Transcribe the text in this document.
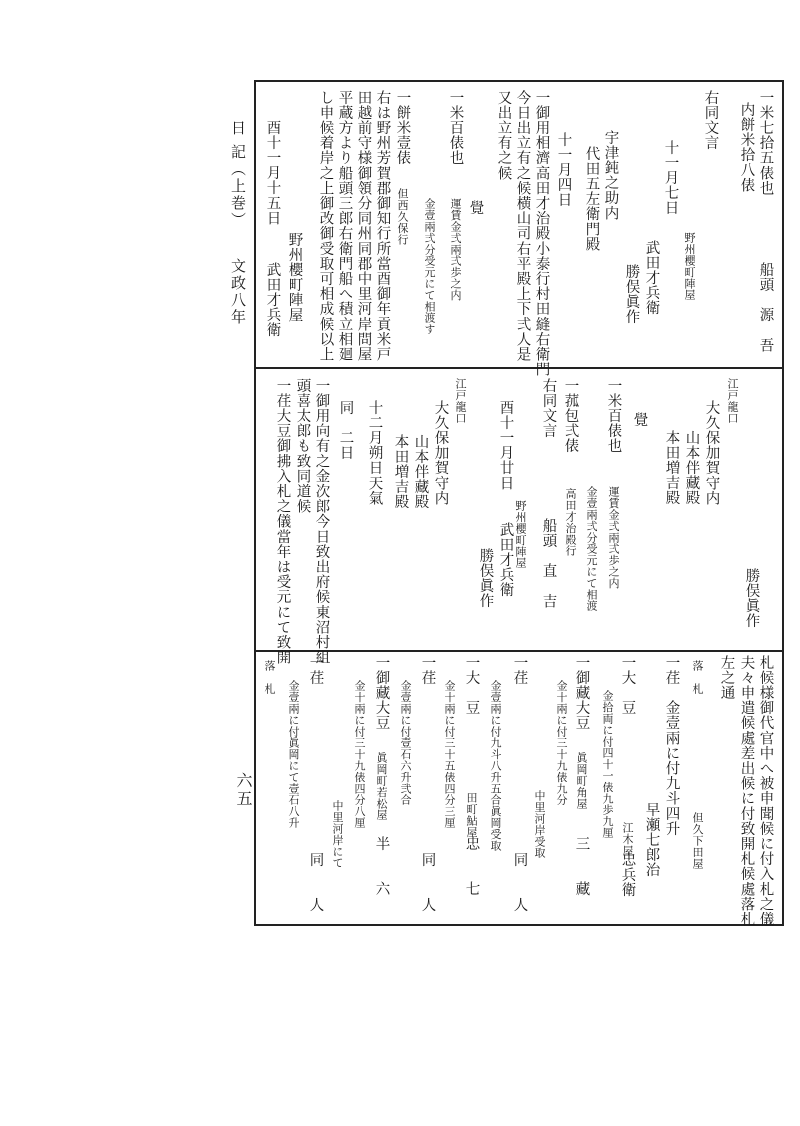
日 記（上巻）
文政八年
一米七拾五俵也
内餅米拾八俵
右同文言
十一月七日
武田才兵衛
勝俣眞作
宇津鈍之助内
代田五左衛門殿
十一月四日
一御用相濟高田才治殿小泰行村田縫右衛門
今日出立有之候横山司右平殿上下弍人是
又出立有之候
覺
一米百俵也
一餅米壹俵
右は野州芳賀郡御知行所當酉御年貢米戸
田越前守様御領分同州同郡中里河岸問屋
平蔵方より船頭三郎右衛門船へ積立相廻
し申候着岸之上御改御受取可相成候以上
野州櫻町陣屋
酉十一月十五日
武田才兵衛	船頭　源　吾
野州櫻町陣屋
運賃金弍兩弍歩之内
金壹兩弍分受元にて相渡す
但西久保行
江戸龍口
大久保加賀守内
山本伴藏殿
本田増吉殿
勝俣眞作
覺
一米百俵也
運賃金弍兩弍歩之内
金壹兩弍分受元にて相渡
一菰包弍俵
高田才治殿行
右同文言
船頭　直　吉
野州櫻町陣屋
酉十一月廿日
武田才兵衛
勝俣眞作
江戸龍口
大久保加賀守内
山本伴藏殿
本田増吉殿
十二月朔日天氣
同　二日
一御用向有之金次郎今日致出府候東沼村組
頭喜太郎も致同道候
一荏大豆御拂入札之儀當年は受元にて致開
札候様御代官中へ被申聞候に付入札之儀
夫々申遣候處差出候に付致開札候處落札
左之通
落　札
但久下田屋
一荏　金壹兩に付九斗四升
早瀬七郎治
一大　豆
金拾両に付四十一俵九歩九厘
江木屋
忠兵衛
一御藏大豆
眞岡町角屋
三　　藏
金十兩に付三十九俵九分
中里河岸受取
一荏
同　　人
金壹兩に付九斗八升五合眞岡受取
一大　豆
田町鮎屋
忠　　七
金十兩に付三十五俵四分三厘
一荏
同　　人
金壹兩に付壹石六升弐合
一御藏大豆
眞岡町若松屋
半　　六
金十兩に付三十九俵四分八厘
中里河岸にて
一荏
同　　人
金壹兩に付眞岡にて壹石八升
落　札
六五
